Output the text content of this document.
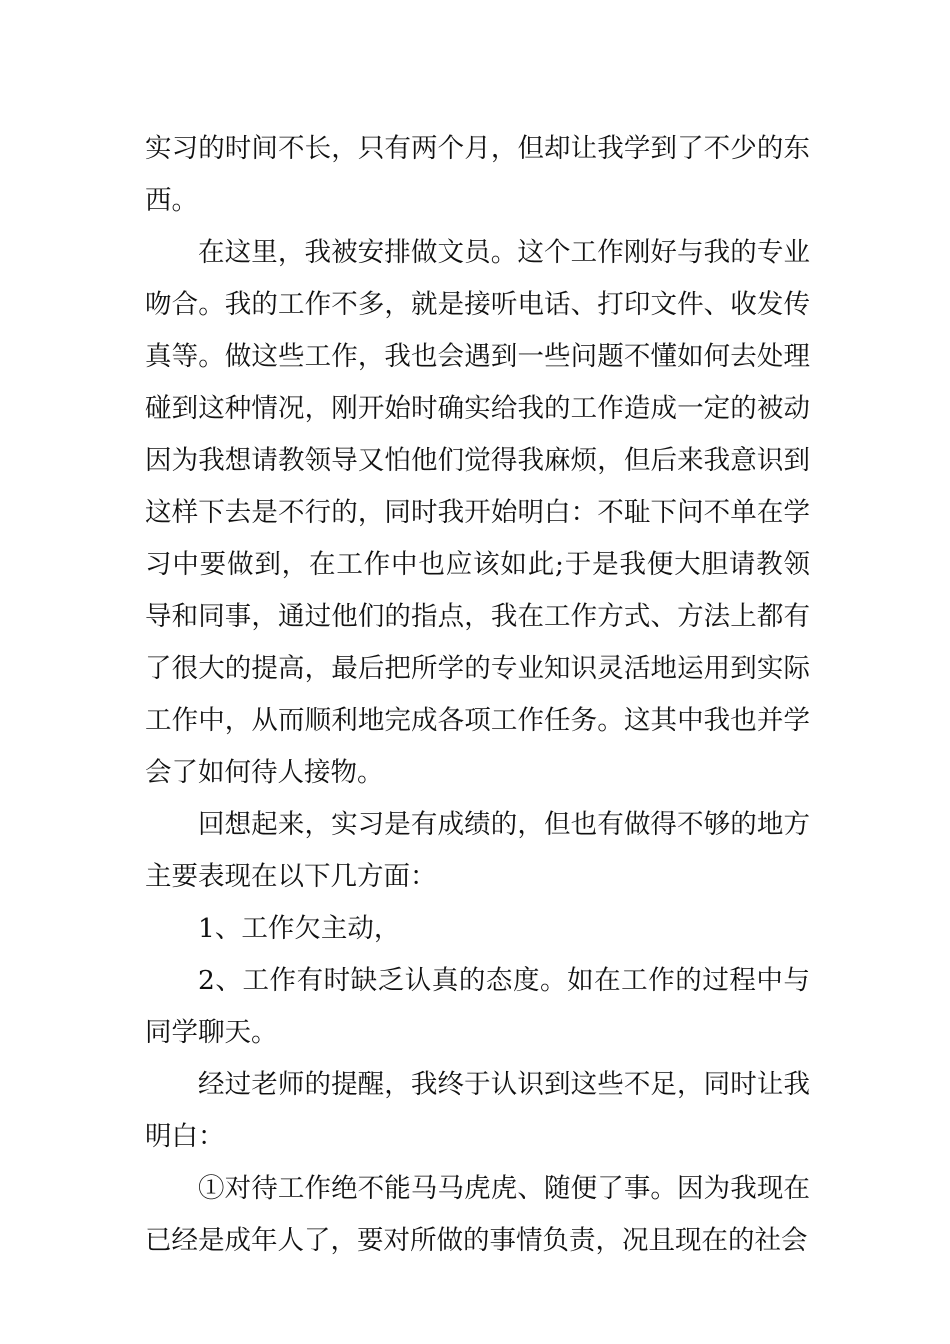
实习的时间不长，只有两个月，但却让我学到了不少的东西。

在这里，我被安排做文员。这个工作刚好与我的专业吻合。我的工作不多，就是接听电话、打印文件、收发传真等。做这些工作，我也会遇到一些问题不懂如何去处理碰到这种情况，刚开始时确实给我的工作造成一定的被动因为我想请教领导又怕他们觉得我麻烦，但后来我意识到这样下去是不行的，同时我开始明白：不耻下问不单在学习中要做到，在工作中也应该如此;于是我便大胆请教领导和同事，通过他们的指点，我在工作方式、方法上都有了很大的提高，最后把所学的专业知识灵活地运用到实际工作中，从而顺利地完成各项工作任务。这其中我也并学会了如何待人接物。

回想起来，实习是有成绩的，但也有做得不够的地方主要表现在以下几方面：

1、工作欠主动，

2、工作有时缺乏认真的态度。如在工作的过程中与同学聊天。

经过老师的提醒，我终于认识到这些不足，同时让我明白：

①对待工作绝不能马马虎虎、随便了事。因为我现在已经是成年人了，要对所做的事情负责，况且现在的社会
